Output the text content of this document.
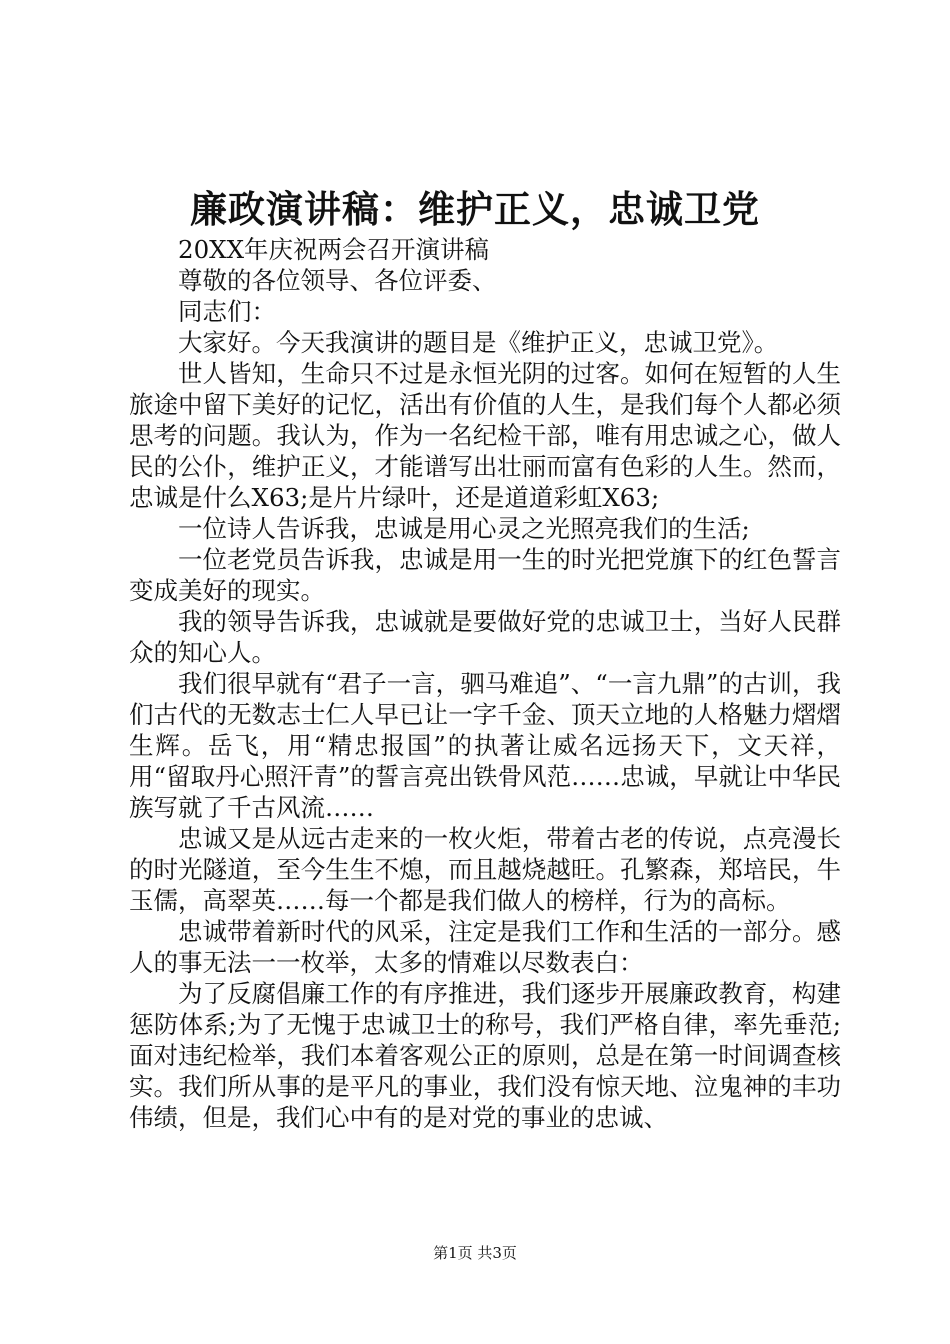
廉政演讲稿：维护正义，忠诚卫党

20XX年庆祝两会召开演讲稿

尊敬的各位领导、各位评委、

同志们：

大家好。今天我演讲的题目是《维护正义，忠诚卫党》。

世人皆知，生命只不过是永恒光阴的过客。如何在短暂的人生旅途中留下美好的记忆，活出有价值的人生，是我们每个人都必须思考的问题。我认为，作为一名纪检干部，唯有用忠诚之心，做人民的公仆，维护正义，才能谱写出壮丽而富有色彩的人生。然而，忠诚是什么X63;是片片绿叶，还是道道彩虹X63;

一位诗人告诉我，忠诚是用心灵之光照亮我们的生活;

一位老党员告诉我，忠诚是用一生的时光把党旗下的红色誓言变成美好的现实。

我的领导告诉我，忠诚就是要做好党的忠诚卫士，当好人民群众的知心人。

我们很早就有“君子一言，驷马难追”、“一言九鼎”的古训，我们古代的无数志士仁人早已让一字千金、顶天立地的人格魅力熠熠生辉。岳飞，用“精忠报国”的执著让威名远扬天下，文天祥，用“留取丹心照汗青”的誓言亮出铁骨风范……忠诚，早就让中华民族写就了千古风流……

忠诚又是从远古走来的一枚火炬，带着古老的传说，点亮漫长的时光隧道，至今生生不熄，而且越烧越旺。孔繁森，郑培民，牛玉儒，高翠英……每一个都是我们做人的榜样，行为的高标。

忠诚带着新时代的风采，注定是我们工作和生活的一部分。感人的事无法一一枚举，太多的情难以尽数表白：

为了反腐倡廉工作的有序推进，我们逐步开展廉政教育，构建惩防体系;为了无愧于忠诚卫士的称号，我们严格自律，率先垂范;面对违纪检举，我们本着客观公正的原则，总是在第一时间调查核实。我们所从事的是平凡的事业，我们没有惊天地、泣鬼神的丰功伟绩，但是，我们心中有的是对党的事业的忠诚、

第1页 共3页
